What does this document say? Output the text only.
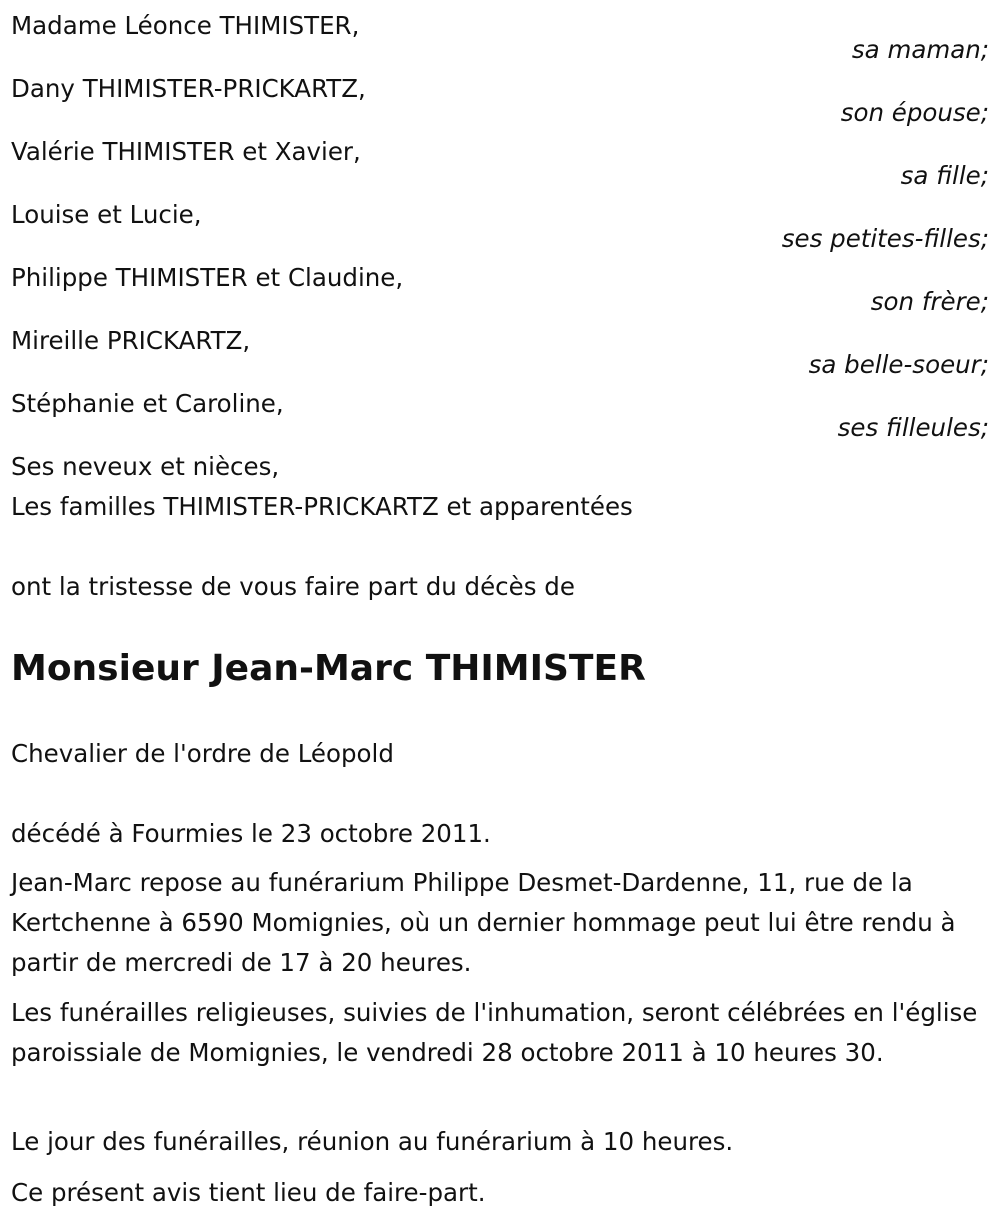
Madame Léonce THIMISTER,
sa maman;
Dany THIMISTER-PRICKARTZ,
son épouse;
Valérie THIMISTER et Xavier,
sa fille;
Louise et Lucie,
ses petites-filles;
Philippe THIMISTER et Claudine,
son frère;
Mireille PRICKARTZ,
sa belle-soeur;
Stéphanie et Caroline,
ses filleules;
Ses neveux et nièces,
Les familles THIMISTER-PRICKARTZ et apparentées
ont la tristesse de vous faire part du décès de
Monsieur Jean-Marc THIMISTER
Chevalier de l'ordre de Léopold
décédé à Fourmies le 23 octobre 2011.

Jean-Marc repose au funérarium Philippe Desmet-Dardenne, 11, rue de la Kertchenne à 6590 Momignies, où un dernier hommage peut lui être rendu à partir de mercredi de 17 à 20 heures.

Les funérailles religieuses, suivies de l'inhumation, seront célébrées en l'église paroissiale de Momignies, le vendredi 28 octobre 2011 à 10 heures 30.

Le jour des funérailles, réunion au funérarium à 10 heures.

Ce présent avis tient lieu de faire-part.
